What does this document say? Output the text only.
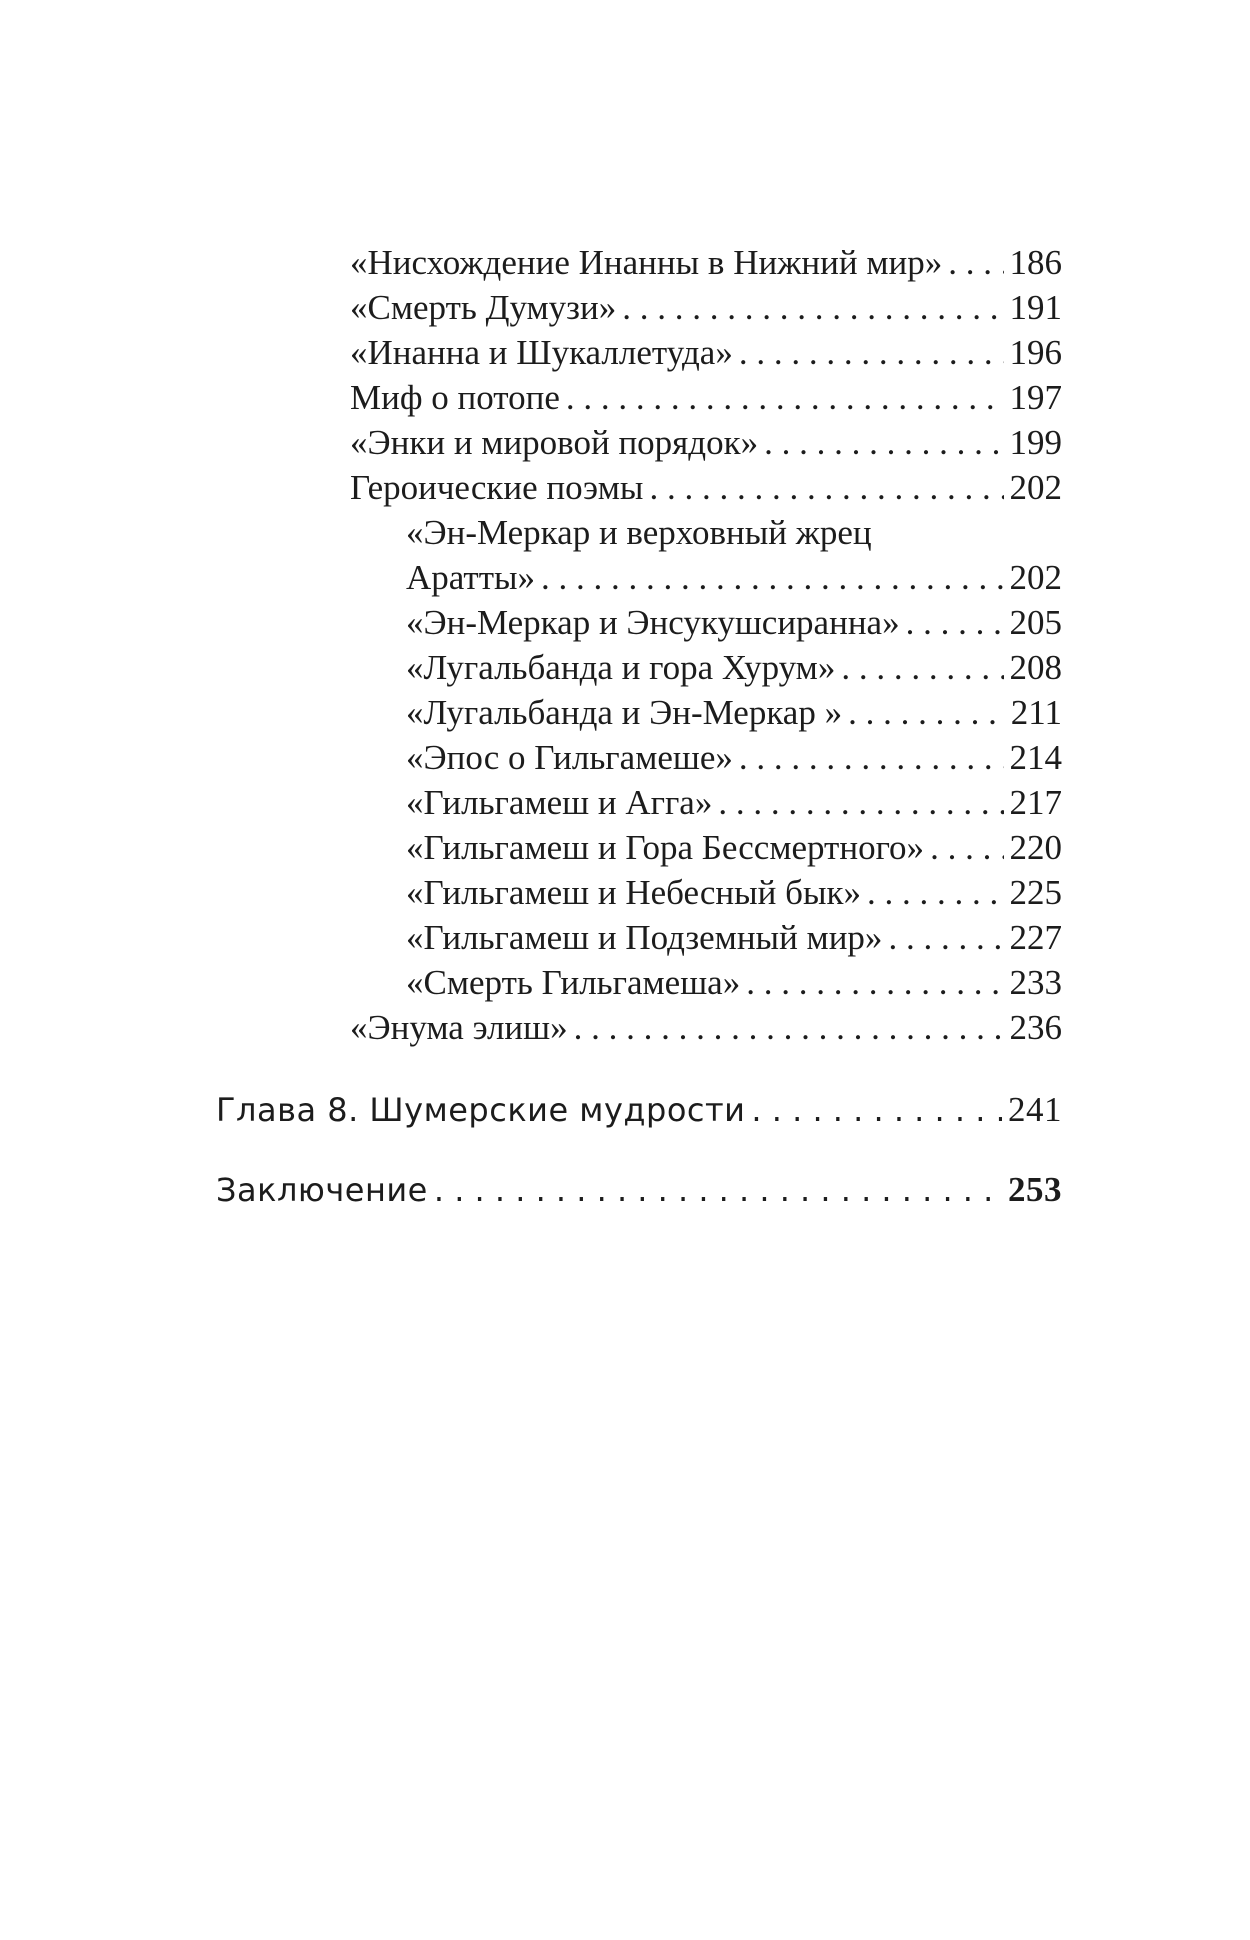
«Нисхождение Инанны в Нижний мир» . . . 186
«Смерть Думузи» . . .	191
«Инанна и Шукаллетуда» . . .	196
Миф о потопе . . .	197
«Энки и мировой порядок» . . .	199
Героические поэмы . . .	202
«Эн-Меркар и верховный жрец
Аратты» . . .	202
«Эн-Меркар и Энсукушсиранна» . . .	205
«Лугальбанда и гора Хурум» . . .	208
«Лугальбанда и Эн-Меркар » . . .	211
«Эпос о Гильгамеше» . . .	214
«Гильгамеш и Агга» . . .	217
«Гильгамеш и Гора Бессмертного» . . . 220
«Гильгамеш и Небесный бык» . . .	225
«Гильгамеш и Подземный мир» . . .	227
«Смерть Гильгамеша» . . .	233
«Энума элиш» . . .	236
Глава 8. Шумерские мудрости . . .	241
Заключение . . .	253
